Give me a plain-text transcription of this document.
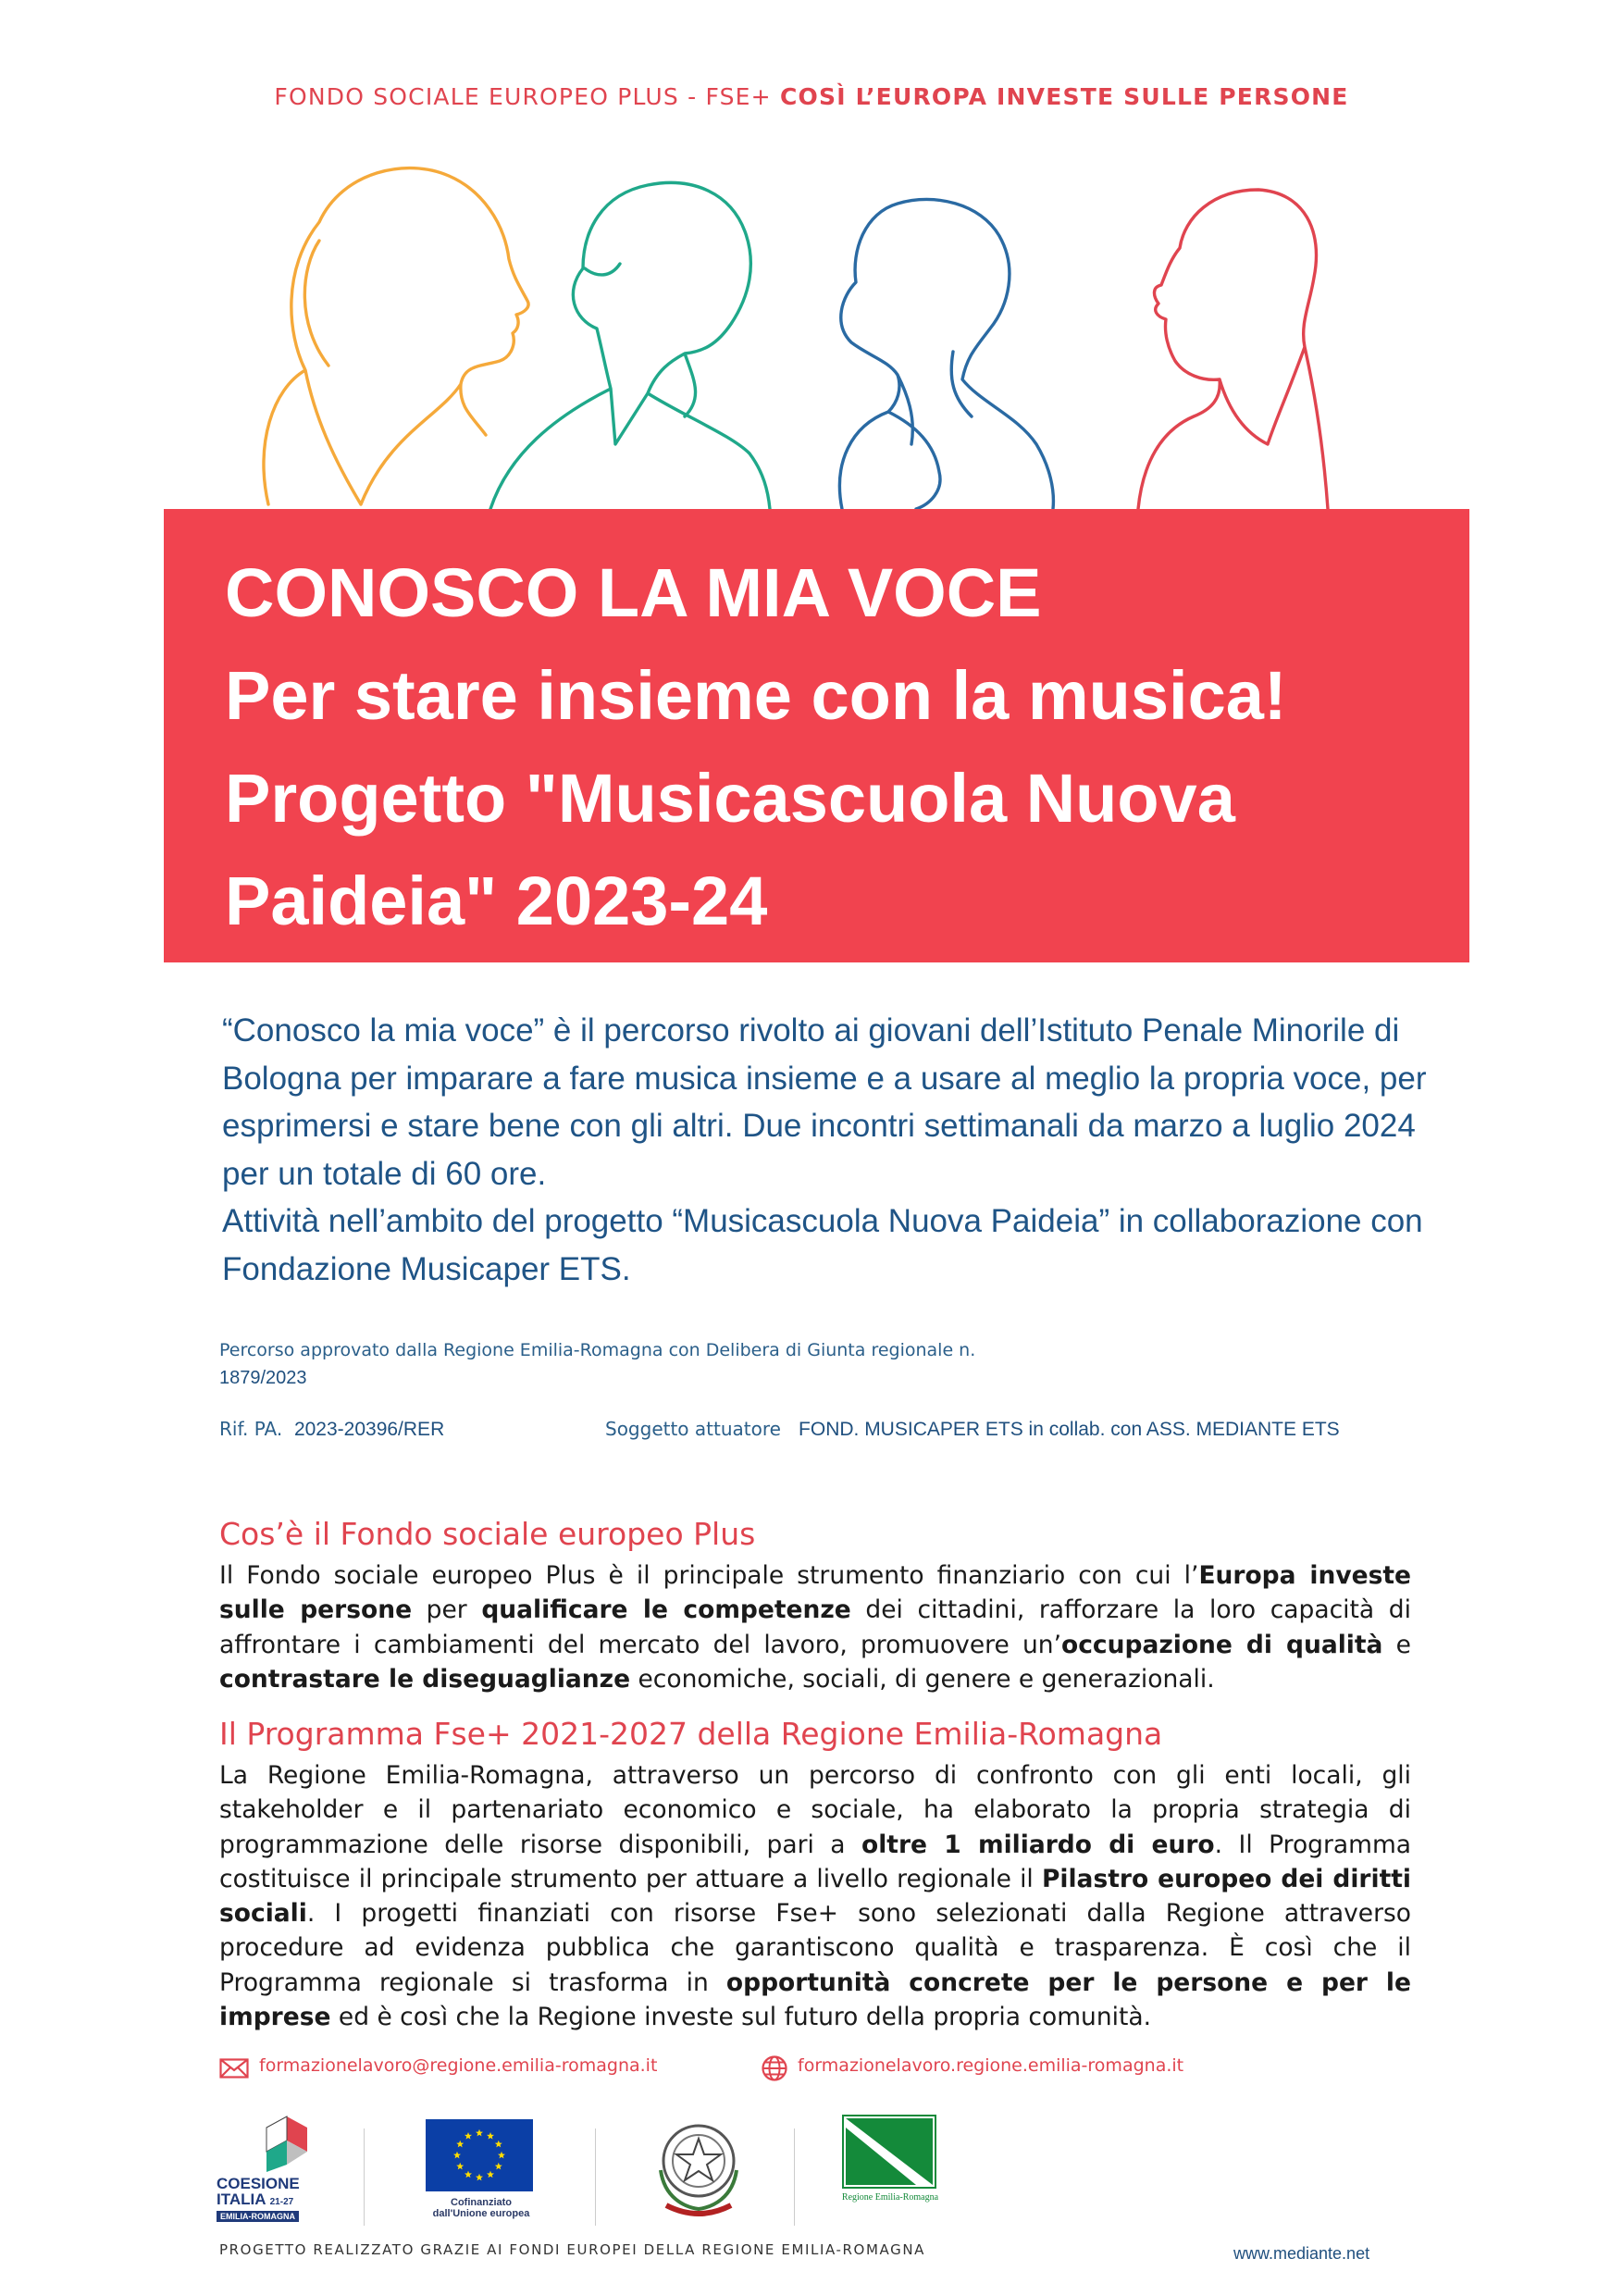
FONDO SOCIALE EUROPEO PLUS - FSE+ COSÌ L’EUROPA INVESTE SULLE PERSONE
CONOSCO LA MIA VOCE
Per stare insieme con la musica!
Progetto "Musicascuola Nuova
Paideia" 2023-24

“Conosco la mia voce” è il percorso rivolto ai giovani dell’Istituto Penale Minorile di Bologna per imparare a fare musica insieme e a usare al meglio la propria voce, per esprimersi e stare bene con gli altri. Due incontri settimanali da marzo a luglio 2024 per un totale di 60 ore.

Attività nell’ambito del progetto “Musicascuola Nuova Paideia” in collaborazione con Fondazione Musicaper ETS.

Percorso approvato dalla Regione Emilia-Romagna con Delibera di Giunta regionale n.
1879/2023
Rif. PA. 2023-20396/RER	Soggetto attuatore FOND. MUSICAPER ETS in collab. con ASS. MEDIANTE ETS
Cos’è il Fondo sociale europeo Plus
Il Fondo sociale europeo Plus è il principale strumento finanziario con cui l’Europa investe sulle persone per qualificare le competenze dei cittadini, rafforzare la loro capacità di affrontare i cambiamenti del mercato del lavoro, promuovere un’occupazione di qualità e contrastare le diseguaglianze economiche, sociali, di genere e generazionali.
Il Programma Fse+ 2021-2027 della Regione Emilia-Romagna
La Regione Emilia-Romagna, attraverso un percorso di confronto con gli enti locali, gli stakeholder e il partenariato economico e sociale, ha elaborato la propria strategia di programmazione delle risorse disponibili, pari a oltre 1 miliardo di euro. Il Programma costituisce il principale strumento per attuare a livello regionale il Pilastro europeo dei diritti sociali. I progetti finanziati con risorse Fse+ sono selezionati dalla Regione attraverso procedure ad evidenza pubblica che garantiscono qualità e trasparenza. È così che il Programma regionale si trasforma in opportunità concrete per le persone e per le imprese ed è così che la Regione investe sul futuro della propria comunità.
formazionelavoro@regione.emilia-romagna.it	formazionelavoro.regione.emilia-romagna.it
COESIONE
ITALIA 21-27
EMILIA-ROMAGNA
Cofinanziato
dall'Unione europea
Regione Emilia-Romagna
PROGETTO REALIZZATO GRAZIE AI FONDI EUROPEI DELLA REGIONE EMILIA-ROMAGNA	www.mediante.net
